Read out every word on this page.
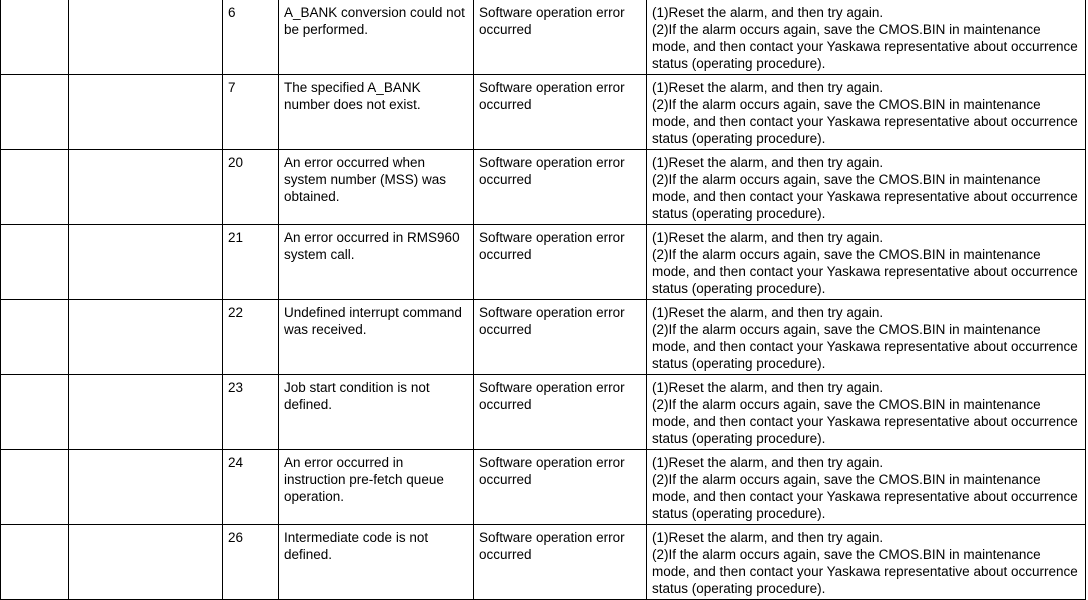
		6	A_BANK conversion could not be performed.	Software operation error occurred	(1)Reset the alarm, and then try again.
(2)If the alarm occurs again, save the CMOS.BIN in maintenance mode, and then contact your Yaskawa representative about occurrence status (operating procedure).

		7	The specified A_BANK number does not exist.	Software operation error occurred	(1)Reset the alarm, and then try again.
(2)If the alarm occurs again, save the CMOS.BIN in maintenance mode, and then contact your Yaskawa representative about occurrence status (operating procedure).

		20	An error occurred when system number (MSS) was obtained.	Software operation error occurred	(1)Reset the alarm, and then try again.
(2)If the alarm occurs again, save the CMOS.BIN in maintenance mode, and then contact your Yaskawa representative about occurrence status (operating procedure).

		21	An error occurred in RMS960 system call.	Software operation error occurred	(1)Reset the alarm, and then try again.
(2)If the alarm occurs again, save the CMOS.BIN in maintenance mode, and then contact your Yaskawa representative about occurrence status (operating procedure).

		22	Undefined interrupt command was received.	Software operation error occurred	(1)Reset the alarm, and then try again.
(2)If the alarm occurs again, save the CMOS.BIN in maintenance mode, and then contact your Yaskawa representative about occurrence status (operating procedure).

		23	Job start condition is not defined.	Software operation error occurred	(1)Reset the alarm, and then try again.
(2)If the alarm occurs again, save the CMOS.BIN in maintenance mode, and then contact your Yaskawa representative about occurrence status (operating procedure).

		24	An error occurred in instruction pre-fetch queue operation.	Software operation error occurred	(1)Reset the alarm, and then try again.
(2)If the alarm occurs again, save the CMOS.BIN in maintenance mode, and then contact your Yaskawa representative about occurrence status (operating procedure).

		26	Intermediate code is not defined.	Software operation error occurred	(1)Reset the alarm, and then try again.
(2)If the alarm occurs again, save the CMOS.BIN in maintenance mode, and then contact your Yaskawa representative about occurrence status (operating procedure).
